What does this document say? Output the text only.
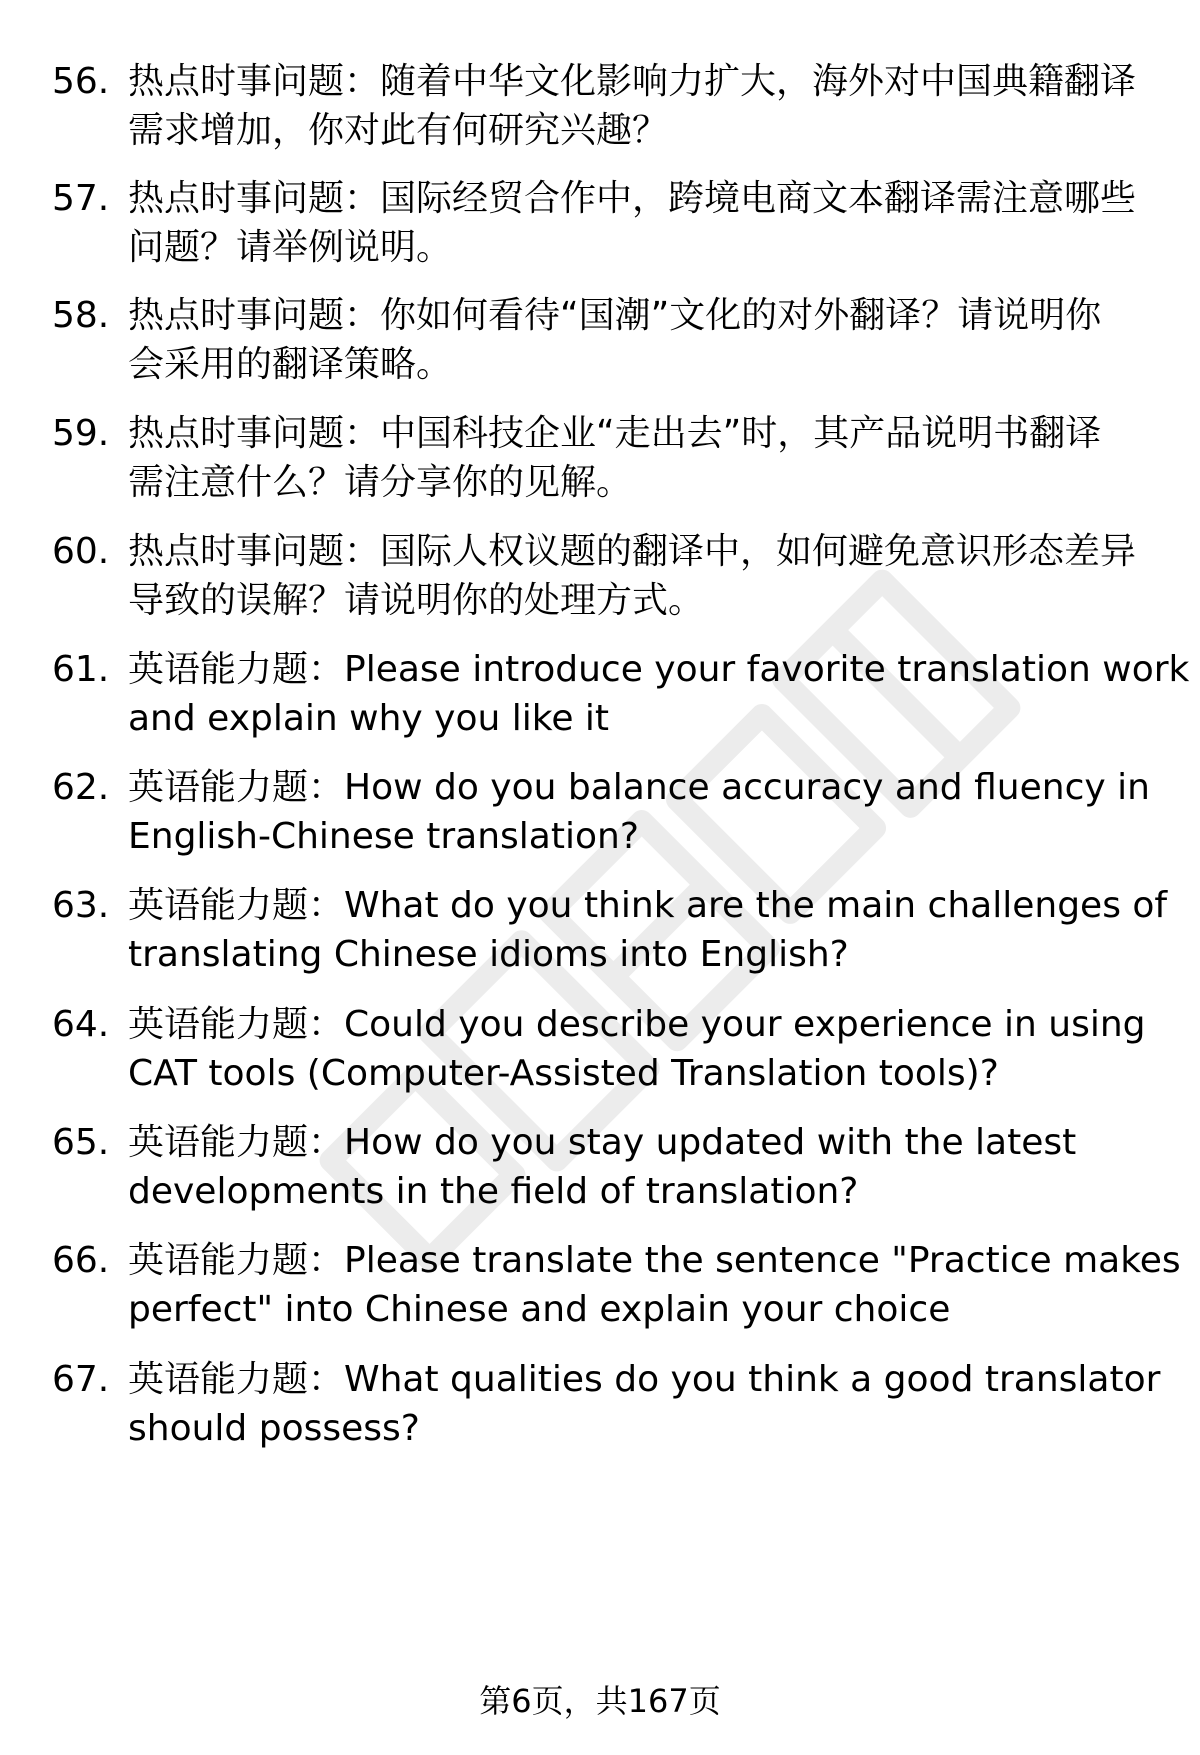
56. 热点时事问题：随着中华文化影响力扩大，海外对中国典籍翻译
需求增加，你对此有何研究兴趣？
57. 热点时事问题：国际经贸合作中，跨境电商文本翻译需注意哪些
问题？请举例说明。
58. 热点时事问题：你如何看待“国潮”文化的对外翻译？请说明你
会采用的翻译策略。
59. 热点时事问题：中国科技企业“走出去”时，其产品说明书翻译
需注意什么？请分享你的见解。
60. 热点时事问题：国际人权议题的翻译中，如何避免意识形态差异
导致的误解？请说明你的处理方式。
61. 英语能力题：Please introduce your favorite translation work
and explain why you like it
62. 英语能力题：How do you balance accuracy and fluency in
English-Chinese translation?
63. 英语能力题：What do you think are the main challenges of
translating Chinese idioms into English?
64. 英语能力题：Could you describe your experience in using
CAT tools (Computer-Assisted Translation tools)?
65. 英语能力题：How do you stay updated with the latest
developments in the field of translation?
66. 英语能力题：Please translate the sentence "Practice makes
perfect" into Chinese and explain your choice
67. 英语能力题：What qualities do you think a good translator
should possess?
第6页，共167页
